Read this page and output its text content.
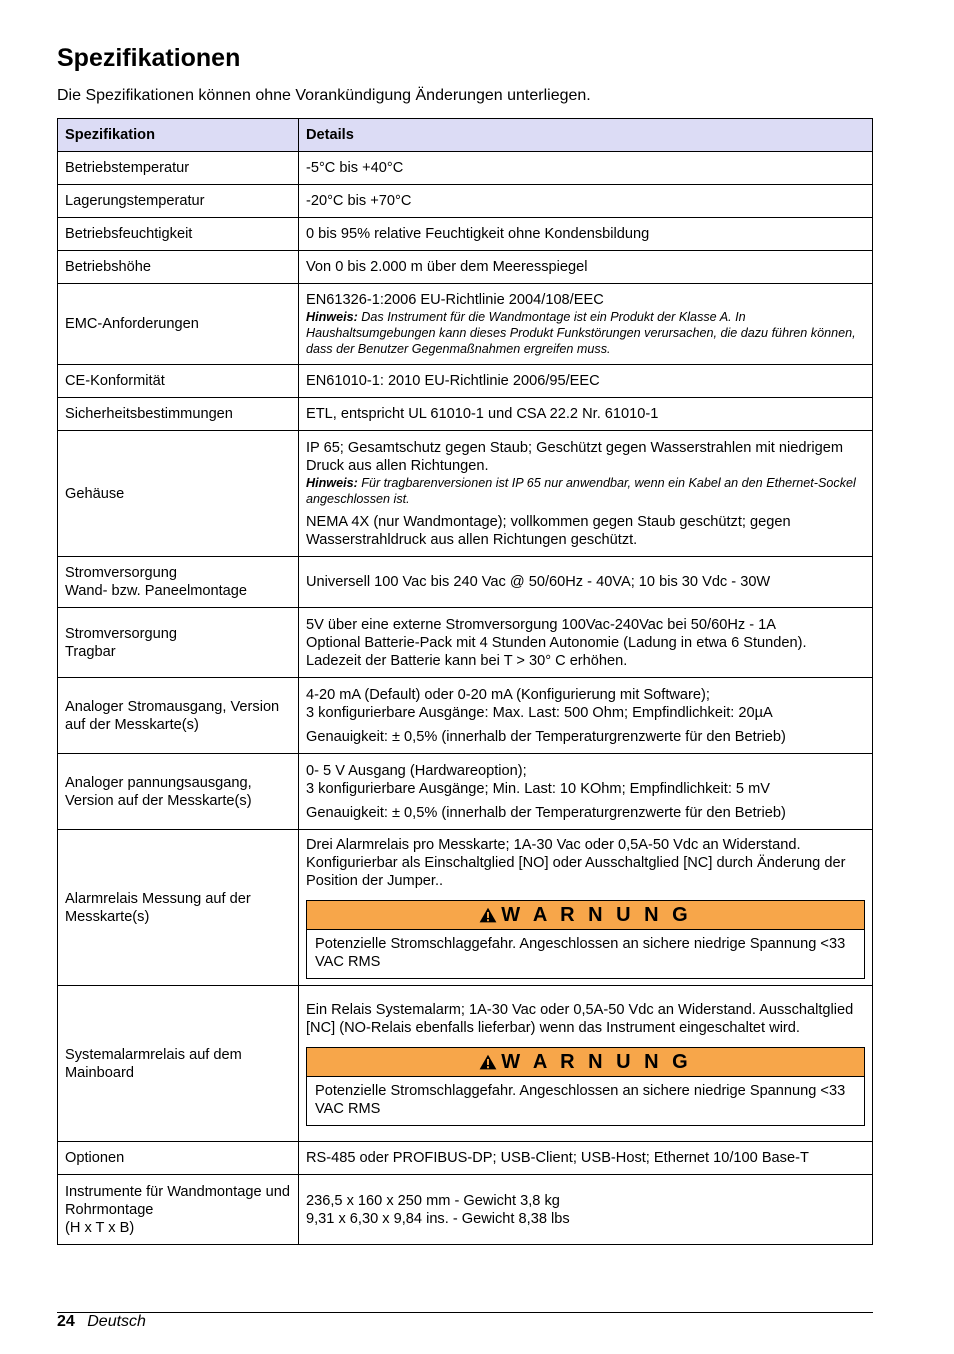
Spezifikationen

Die Spezifikationen können ohne Vorankündigung Änderungen unterliegen.

Spezifikation	Details
Betriebstemperatur	-5°C bis +40°C
Lagerungstemperatur	-20°C bis +70°C
Betriebsfeuchtigkeit	0 bis 95% relative Feuchtigkeit ohne Kondensbildung
Betriebshöhe	Von 0 bis 2.000 m über dem Meeresspiegel
EMC-Anforderungen	EN61326-1:2006 EU-Richtlinie 2004/108/EEC
Hinweis: Das Instrument für die Wandmontage ist ein Produkt der Klasse A. In Haushaltsumgebungen kann dieses Produkt Funkstörungen verursachen, die dazu führen können, dass der Benutzer Gegenmaßnahmen ergreifen muss.

CE-Konformität	EN61010-1: 2010 EU-Richtlinie 2006/95/EEC
Sicherheitsbestimmungen	ETL, entspricht UL 61010-1 und CSA 22.2 Nr. 61010-1
Gehäuse	IP 65; Gesamtschutz gegen Staub; Geschützt gegen Wasserstrahlen mit niedrigem Druck aus allen Richtungen.
Hinweis: Für tragbarenversionen ist IP 65 nur anwendbar, wenn ein Kabel an den Ethernet-Sockel angeschlossen ist.
NEMA 4X (nur Wandmontage); vollkommen gegen Staub geschützt; gegen Wasserstrahldruck aus allen Richtungen geschützt.

Stromversorgung
Wand- bzw. Paneelmontage	Universell 100 Vac bis 240 Vac @ 50/60Hz - 40VA; 10 bis 30 Vdc - 30W
Stromversorgung
Tragbar	5V über eine externe Stromversorgung 100Vac-240Vac bei 50/60Hz - 1A
Optional Batterie-Pack mit 4 Stunden Autonomie (Ladung in etwa 6 Stunden). Ladezeit der Batterie kann bei T > 30° C erhöhen.
Analoger Stromausgang, Version auf der Messkarte(s)	4-20 mA (Default) oder 0-20 mA (Konfigurierung mit Software);
3 konfigurierbare Ausgänge: Max. Last: 500 Ohm; Empfindlichkeit: 20µA
Genauigkeit: ± 0,5% (innerhalb der Temperaturgrenzwerte für den Betrieb)

Analoger pannungsausgang, Version auf der Messkarte(s)	0- 5 V Ausgang (Hardwareoption);
3 konfigurierbare Ausgänge; Min. Last: 10 KOhm; Empfindlichkeit: 5 mV
Genauigkeit: ± 0,5% (innerhalb der Temperaturgrenzwerte für den Betrieb)

Alarmrelais Messung auf der Messkarte(s)	Drei Alarmrelais pro Messkarte; 1A-30 Vac oder 0,5A-50 Vdc an Widerstand. Konfigurierbar als Einschaltglied [NO] oder Ausschaltglied [NC] durch Änderung der Position der Jumper..
W A R N U N G
Potenzielle Stromschlaggefahr. Angeschlossen an sichere niedrige Spannung <33 VAC RMS

Systemalarmrelais auf dem Mainboard	Ein Relais Systemalarm; 1A-30 Vac oder 0,5A-50 Vdc an Widerstand. Ausschaltglied [NC] (NO-Relais ebenfalls lieferbar) wenn das Instrument eingeschaltet wird.
W A R N U N G
Potenzielle Stromschlaggefahr. Angeschlossen an sichere niedrige Spannung <33 VAC RMS

Optionen	RS-485 oder PROFIBUS-DP; USB-Client; USB-Host; Ethernet 10/100 Base-T
Instrumente für Wandmontage und Rohrmontage
(H x T x B)	236,5 x 160 x 250 mm - Gewicht 3,8 kg
9,31 x 6,30 x 9,84 ins. - Gewicht 8,38 lbs
24 Deutsch
